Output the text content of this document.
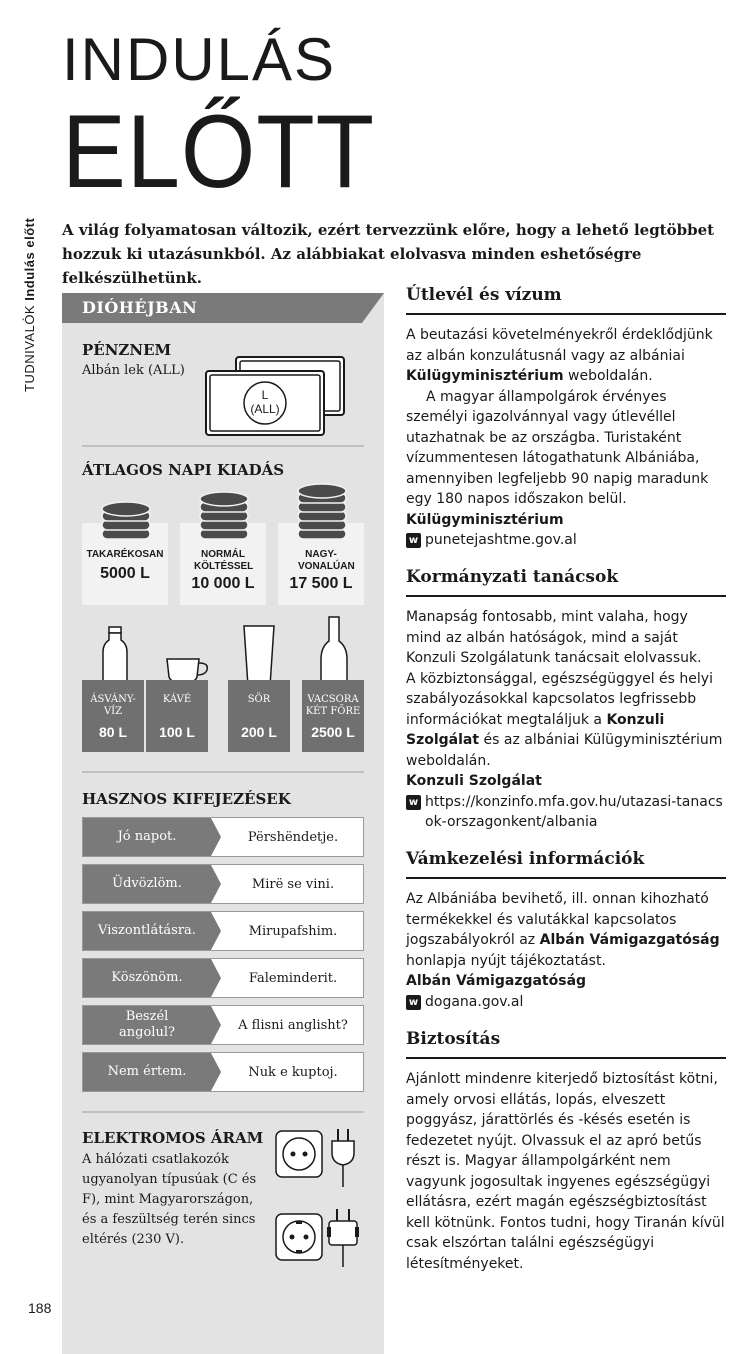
INDULÁS
ELŐTT
TUDNIVALÓK Indulás előtt A világ folyamatosan változik, ezért tervezzünk előre, hogy a lehető legtöbbet hozzuk ki utazásunkból. Az alábbiakat elolvasva minden eshetőségre felkészülhetünk.
DIÓHÉJBAN
PÉNZNEM
Albán lek (ALL)
L
(ALL)
ÁTLAGOS NAPI KIADÁS
TAKARÉKOSAN
5000 L
NORMÁL KÖLTÉSSEL
10 000 L
NAGY-VONALÚAN
17 500 L
ÁSVÁNY-VÍZ
80 L
KÁVÉ
100 L
SÖR
200 L
VACSORA KÉT FŐRE
2500 L
HASZNOS KIFEJEZÉSEK
Jó napot.	Përshëndetje.
Üdvözlöm.	Mirë se vini.
Viszontlátásra.	Mirupafshim.
Köszönöm.	Faleminderit.
Beszél angolul?	A flisni anglisht?
Nem értem.	Nuk e kuptoj.
ELEKTROMOS ÁRAM
A hálózati csatlakozók ugyanolyan típusúak (C és F), mint Magyarországon, és a feszültség terén sincs eltérés (230 V).
Útlevél és vízum
A beutazási követelményekről érdeklődjünk az albán konzulátusnál vagy az albániai Külügyminisztérium weboldalán.
A magyar állampolgárok érvényes személyi igazolvánnyal vagy útlevéllel utazhatnak be az országba. Turistaként vízummentesen látogathatunk Albániába, amennyiben legfeljebb 90 napig maradunk egy 180 napos időszakon belül.
Külügyminisztérium
w punetejashtme.gov.al
Kormányzati tanácsok
Manapság fontosabb, mint valaha, hogy mind az albán hatóságok, mind a saját Konzuli Szolgálatunk tanácsait elolvassuk.
A közbiztonsággal, egészségüggyel és helyi szabályozásokkal kapcsolatos legfrissebb információkat megtaláljuk a Konzuli Szolgálat és az albániai Külügyminisztérium weboldalán.
Konzuli Szolgálat
w https://konzinfo.mfa.gov.hu/utazasi-tanacsok-orszagonkent/albania
Vámkezelési információk
Az Albániába bevihető, ill. onnan kihozható termékekkel és valutákkal kapcsolatos jogszabályokról az Albán Vámigazgatóság honlapja nyújt tájékoztatást.
Albán Vámigazgatóság
w dogana.gov.al
Biztosítás
Ajánlott mindenre kiterjedő biztosítást kötni, amely orvosi ellátás, lopás, elveszett poggyász, járattörlés és -késés esetén is fedezetet nyújt. Olvassuk el az apró betűs részt is. Magyar állampolgárként nem vagyunk jogosultak ingyenes egészségügyi ellátásra, ezért magán egészségbiztosítást kell kötnünk. Fontos tudni, hogy Tiranán kívül csak elszórtan találni egészségügyi létesítményeket.
188
